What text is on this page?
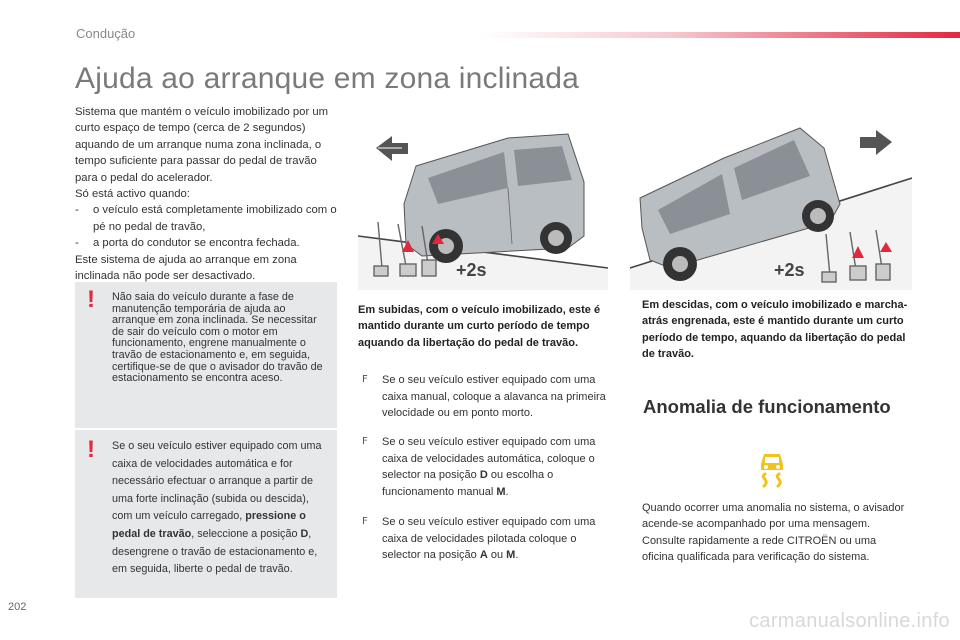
Condução
Ajuda ao arranque em zona inclinada

Sistema que mantém o veículo imobilizado por um curto espaço de tempo (cerca de 2 segundos) aquando de um arranque numa zona inclinada, o tempo suficiente para passar do pedal de travão para o pedal do acelerador.

Só está activo quando:

-	o veículo está completamente imobilizado com o pé no pedal de travão,
-	a porta do condutor se encontra fechada.

Este sistema de ajuda ao arranque em zona inclinada não pode ser desactivado.

! Não saia do veículo durante a fase de manutenção temporária de ajuda ao arranque em zona inclinada. Se necessitar de sair do veículo com o motor em funcionamento, engrene manualmente o travão de estacionamento e, em seguida, certifique-se de que o avisador do travão de estacionamento se encontra aceso.
! Se o seu veículo estiver equipado com uma caixa de velocidades automática e for necessário efectuar o arranque a partir de uma forte inclinação (subida ou descida), com um veículo carregado, pressione o pedal de travão, seleccione a posição D, desengrene o travão de estacionamento e, em seguida, liberte o pedal de travão.
+2s	+2s
Em subidas, com o veículo imobilizado, este é mantido durante um curto período de tempo aquando da libertação do pedal de travão.
Em descidas, com o veículo imobilizado e marcha-atrás engrenada, este é mantido durante um curto período de tempo, aquando da libertação do pedal de travão.
F	Se o seu veículo estiver equipado com uma caixa manual, coloque a alavanca na primeira velocidade ou em ponto morto.
F	Se o seu veículo estiver equipado com uma caixa de velocidades automática, coloque o selector na posição D ou escolha o funcionamento manual M.
F	Se o seu veículo estiver equipado com uma caixa de velocidades pilotada coloque o selector na posição A ou M.
Anomalia de funcionamento
Quando ocorrer uma anomalia no sistema, o avisador acende-se acompanhado por uma mensagem. Consulte rapidamente a rede CITROËN ou uma oficina qualificada para verificação do sistema.
202
carmanualsonline.info
